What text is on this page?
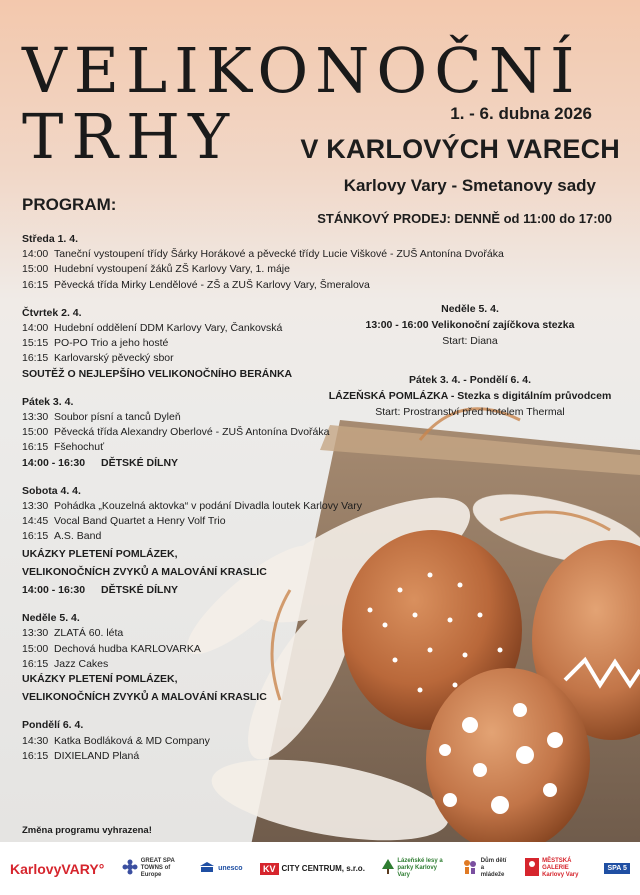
VELIKONOČNÍ
TRHY	1. - 6. dubna 2026
V KARLOVÝCH VARECH
Karlovy Vary - Smetanovy sady
STÁNKOVÝ PRODEJ: DENNĚ od 11:00 do 17:00
PROGRAM:
Středa 1. 4.
14:00 Taneční vystoupení třídy Šárky Horákové a pěvecké třídy Lucie Viškové - ZUŠ Antonína Dvořáka
15:00 Hudební vystoupení žáků ZŠ Karlovy Vary, 1. máje
16:15 Pěvecká třída Mirky Lendělové - ZŠ a ZUŠ Karlovy Vary, Šmeralova
Čtvrtek 2. 4.
14:00 Hudební oddělení DDM Karlovy Vary, Čankovská
15:15 PO-PO Trio a jeho hosté
16:15 Karlovarský pěvecký sbor
SOUTĚŽ O NEJLEPŠÍHO VELIKONOČNÍHO BERÁNKA
Pátek 3. 4.
13:30 Soubor písní a tanců Dyleň
15:00 Pěvecká třída Alexandry Oberlové - ZUŠ Antonína Dvořáka
16:15 Fšehochuť
14:00 - 16:30	DĚTSKÉ DÍLNY
Sobota 4. 4.
13:30 Pohádka „Kouzelná aktovka“ v podání Divadla loutek Karlovy Vary
14:45 Vocal Band Quartet a Henry Volf Trio
16:15 A.S. Band
UKÁZKY PLETENÍ POMLÁZEK,
VELIKONOČNÍCH ZVYKŮ A MALOVÁNÍ KRASLIC
14:00 - 16:30	DĚTSKÉ DÍLNY
Neděle 5. 4.
13:30 ZLATÁ 60. léta
15:00 Dechová hudba KARLOVARKA
16:15 Jazz Cakes
UKÁZKY PLETENÍ POMLÁZEK,
VELIKONOČNÍCH ZVYKŮ A MALOVÁNÍ KRASLIC
Pondělí 6. 4.
14:30 Katka Bodláková & MD Company
16:15 DIXIELAND Planá
Neděle 5. 4.
13:00 - 16:00 Velikonoční zajíčkova stezka
Start: Diana
Pátek 3. 4. - Pondělí 6. 4.
LÁZEŇSKÁ POMLÁZKA - Stezka s digitálním průvodcem
Start: Prostranství před hotelem Thermal
Změna programu vyhrazena!
KarlovyVARY°	GREAT SPA TOWNS of Europe
unesco	KV CITY CENTRUM, s.r.o.
Lázeňské lesy a parky Karlovy Vary
Dům dětí a mládeže
MĚSTSKÁ GALERIE Karlovy Vary
SPA 5
